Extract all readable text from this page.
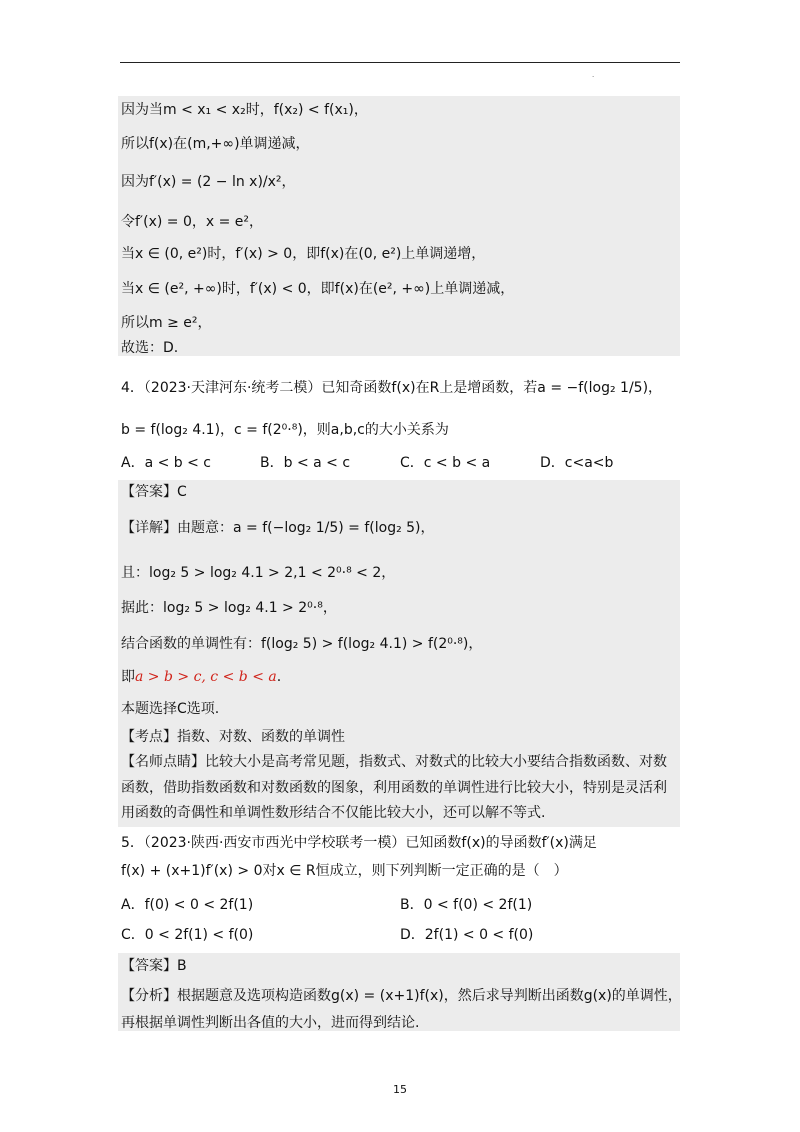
.
因为当m < x₁ < x₂时，f(x₂) < f(x₁)，
所以f(x)在(m,+∞)单调递减，
因为f′(x) = (2 − ln x)/x²，
令f′(x) = 0，x = e²，
当x ∈ (0, e²)时，f′(x) > 0，即f(x)在(0, e²)上单调递增，
当x ∈ (e², +∞)时，f′(x) < 0，即f(x)在(e², +∞)上单调递减，
所以m ≥ e²，
故选：D.
4．（2023·天津河东·统考二模）已知奇函数f(x)在R上是增函数，若a = −f(log₂ 1/5)，
b = f(log₂ 4.1)，c = f(2⁰·⁸)，则a,b,c的大小关系为
A．a < b < c	B．b < a < c	C．c < b < a	D．c<a<b
【答案】C
【详解】由题意：a = f(−log₂ 1/5) = f(log₂ 5)，
且：log₂ 5 > log₂ 4.1 > 2,1 < 2⁰·⁸ < 2，
据此：log₂ 5 > log₂ 4.1 > 2⁰·⁸，
结合函数的单调性有：f(log₂ 5) > f(log₂ 4.1) > f(2⁰·⁸)，
即a > b > c, c < b < a.
本题选择C选项.
【考点】指数、对数、函数的单调性
【名师点睛】比较大小是高考常见题，指数式、对数式的比较大小要结合指数函数、对数
函数，借助指数函数和对数函数的图象，利用函数的单调性进行比较大小，特别是灵活利
用函数的奇偶性和单调性数形结合不仅能比较大小，还可以解不等式.
5．（2023·陕西·西安市西光中学校联考一模）已知函数f(x)的导函数f′(x)满足
f(x) + (x+1)f′(x) > 0对x ∈ R恒成立，则下列判断一定正确的是（　）
A．f(0) < 0 < 2f(1)	B．0 < f(0) < 2f(1)
C．0 < 2f(1) < f(0)	D．2f(1) < 0 < f(0)
【答案】B
【分析】根据题意及选项构造函数g(x) = (x+1)f(x)，然后求导判断出函数g(x)的单调性，
再根据单调性判断出各值的大小，进而得到结论.
15
